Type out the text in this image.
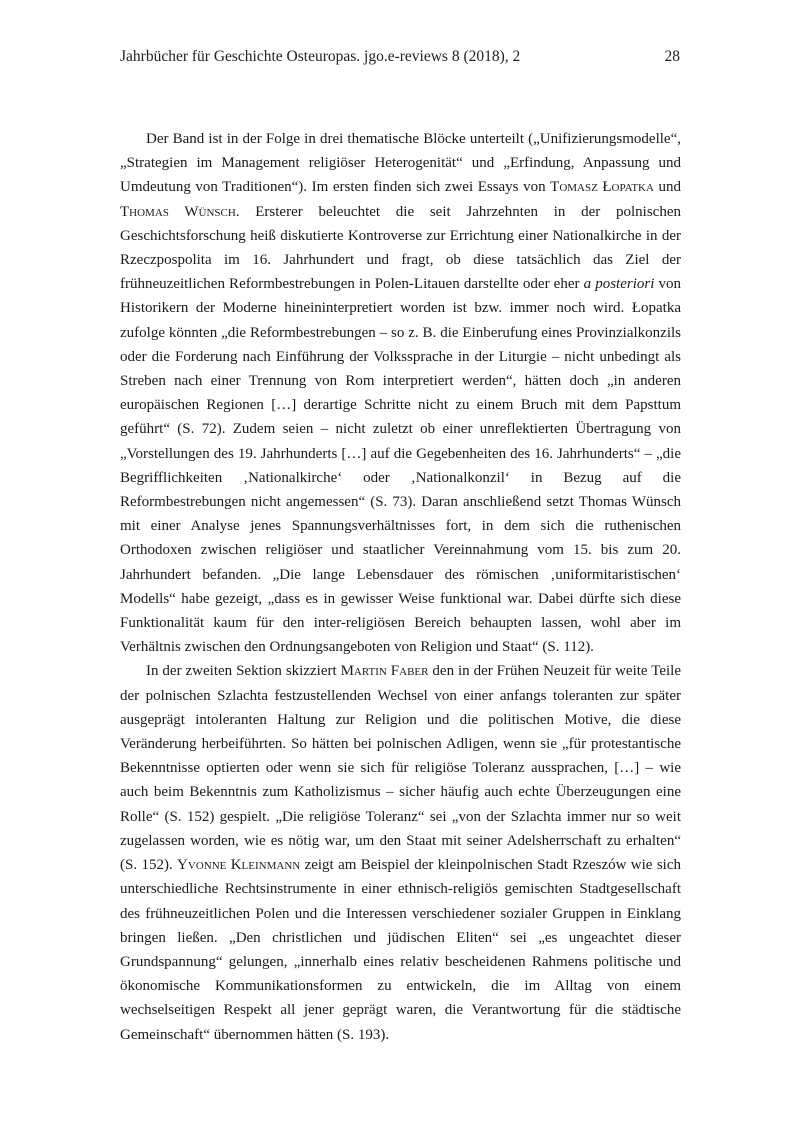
Jahrbücher für Geschichte Osteuropas. jgo.e-reviews 8 (2018), 2	28

Der Band ist in der Folge in drei thematische Blöcke unterteilt („Unifizierungsmodelle“, „Strategien im Management religiöser Heterogenität“ und „Erfindung, Anpassung und Umdeutung von Traditionen“). Im ersten finden sich zwei Essays von Tomasz Łopatka und Thomas Wünsch. Ersterer beleuchtet die seit Jahrzehnten in der polnischen Geschichtsforschung heiß diskutierte Kontroverse zur Errichtung einer Nationalkirche in der Rzeczpospolita im 16. Jahrhundert und fragt, ob diese tatsächlich das Ziel der frühneuzeitlichen Reformbestrebungen in Polen-Litauen darstellte oder eher a posteriori von Historikern der Moderne hineininterpretiert worden ist bzw. immer noch wird. Łopatka zufolge könnten „die Reformbestrebungen – so z. B. die Einberufung eines Provinzialkonzils oder die Forderung nach Einführung der Volkssprache in der Liturgie – nicht unbedingt als Streben nach einer Trennung von Rom interpretiert werden“, hätten doch „in anderen europäischen Regionen […] derartige Schritte nicht zu einem Bruch mit dem Papsttum geführt“ (S. 72). Zudem seien – nicht zuletzt ob einer unreflektierten Übertragung von „Vorstellungen des 19. Jahrhunderts […] auf die Gegebenheiten des 16. Jahrhunderts“ – „die Begrifflichkeiten ‚Nationalkirche‘ oder ‚Nationalkonzil‘ in Bezug auf die Reformbestrebungen nicht angemessen“ (S. 73). Daran anschließend setzt Thomas Wünsch mit einer Analyse jenes Spannungsverhältnisses fort, in dem sich die ruthenischen Orthodoxen zwischen religiöser und staatlicher Vereinnahmung vom 15. bis zum 20. Jahrhundert befanden. „Die lange Lebensdauer des römischen ‚uniformitaristischen‘ Modells“ habe gezeigt, „dass es in gewisser Weise funktional war. Dabei dürfte sich diese Funktionalität kaum für den inter-religiösen Bereich behaupten lassen, wohl aber im Verhältnis zwischen den Ordnungsangeboten von Religion und Staat“ (S. 112).

In der zweiten Sektion skizziert Martin Faber den in der Frühen Neuzeit für weite Teile der polnischen Szlachta festzustellenden Wechsel von einer anfangs toleranten zur später ausgeprägt intoleranten Haltung zur Religion und die politischen Motive, die diese Veränderung herbeiführten. So hätten bei polnischen Adligen, wenn sie „für protestantische Bekenntnisse optierten oder wenn sie sich für religiöse Toleranz aussprachen, […] – wie auch beim Bekenntnis zum Katholizismus – sicher häufig auch echte Überzeugungen eine Rolle“ (S. 152) gespielt. „Die religiöse Toleranz“ sei „von der Szlachta immer nur so weit zugelassen worden, wie es nötig war, um den Staat mit seiner Adelsherrschaft zu erhalten“ (S. 152). Yvonne Kleinmann zeigt am Beispiel der kleinpolnischen Stadt Rzeszów wie sich unterschiedliche Rechtsinstrumente in einer ethnisch-religiös gemischten Stadtgesellschaft des frühneuzeitlichen Polen und die Interessen verschiedener sozialer Gruppen in Einklang bringen ließen. „Den christlichen und jüdischen Eliten“ sei „es ungeachtet dieser Grundspannung“ gelungen, „innerhalb eines relativ bescheidenen Rahmens politische und ökonomische Kommunikationsformen zu entwickeln, die im Alltag von einem wechselseitigen Respekt all jener geprägt waren, die Verantwortung für die städtische Gemeinschaft“ übernommen hätten (S. 193).
